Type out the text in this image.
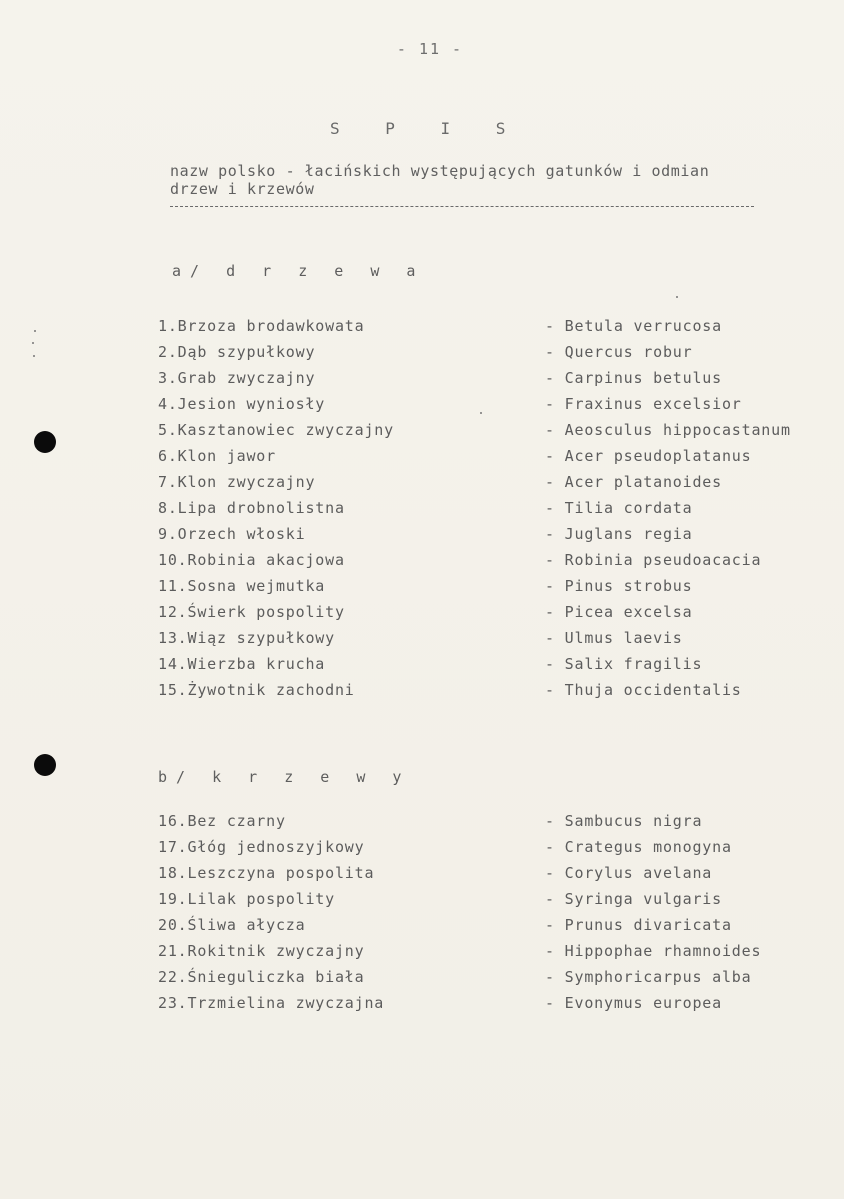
- 11 -
S P I S
nazw polsko - łacińskich występujących gatunków i odmian
drzew i krzewów
a/ d r z e w a
1.Brzoza brodawkowata	- Betula verrucosa
2.Dąb szypułkowy	- Quercus robur
3.Grab zwyczajny	- Carpinus betulus
4.Jesion wyniosły	- Fraxinus excelsior
5.Kasztanowiec zwyczajny	- Aeosculus hippocastanum
6.Klon jawor	- Acer pseudoplatanus
7.Klon zwyczajny	- Acer platanoides
8.Lipa drobnolistna	- Tilia cordata
9.Orzech włoski	- Juglans regia
10.Robinia akacjowa	- Robinia pseudoacacia
11.Sosna wejmutka	- Pinus strobus
12.Świerk pospolity	- Picea excelsa
13.Wiąz szypułkowy	- Ulmus laevis
14.Wierzba krucha	- Salix fragilis
15.Żywotnik zachodni	- Thuja occidentalis
b/ k r z e w y
16.Bez czarny	- Sambucus nigra
17.Głóg jednoszyjkowy	- Crategus monogyna
18.Leszczyna pospolita	- Corylus avelana
19.Lilak pospolity	- Syringa vulgaris
20.Śliwa ałycza	- Prunus divaricata
21.Rokitnik zwyczajny	- Hippophae rhamnoides
22.Śnieguliczka biała	- Symphoricarpus alba
23.Trzmielina zwyczajna	- Evonymus europea
